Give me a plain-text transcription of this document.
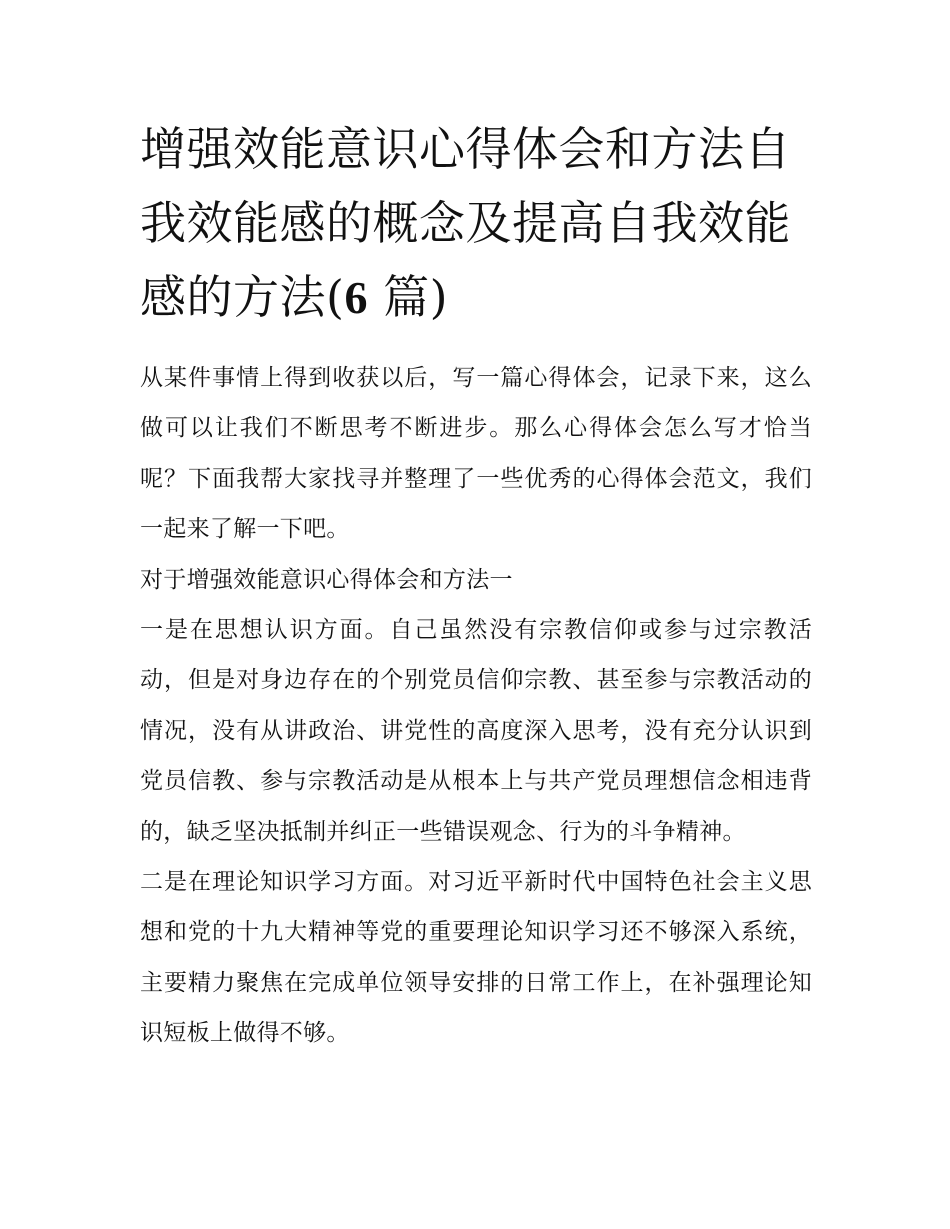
增强效能意识心得体会和方法自我效能感的概念及提高自我效能感的方法(6 篇)

从某件事情上得到收获以后，写一篇心得体会，记录下来，这么做可以让我们不断思考不断进步。那么心得体会怎么写才恰当呢？下面我帮大家找寻并整理了一些优秀的心得体会范文，我们一起来了解一下吧。

对于增强效能意识心得体会和方法一

一是在思想认识方面。自己虽然没有宗教信仰或参与过宗教活动，但是对身边存在的个别党员信仰宗教、甚至参与宗教活动的情况，没有从讲政治、讲党性的高度深入思考，没有充分认识到党员信教、参与宗教活动是从根本上与共产党员理想信念相违背的，缺乏坚决抵制并纠正一些错误观念、行为的斗争精神。

二是在理论知识学习方面。对习近平新时代中国特色社会主义思想和党的十九大精神等党的重要理论知识学习还不够深入系统，主要精力聚焦在完成单位领导安排的日常工作上，在补强理论知识短板上做得不够。
